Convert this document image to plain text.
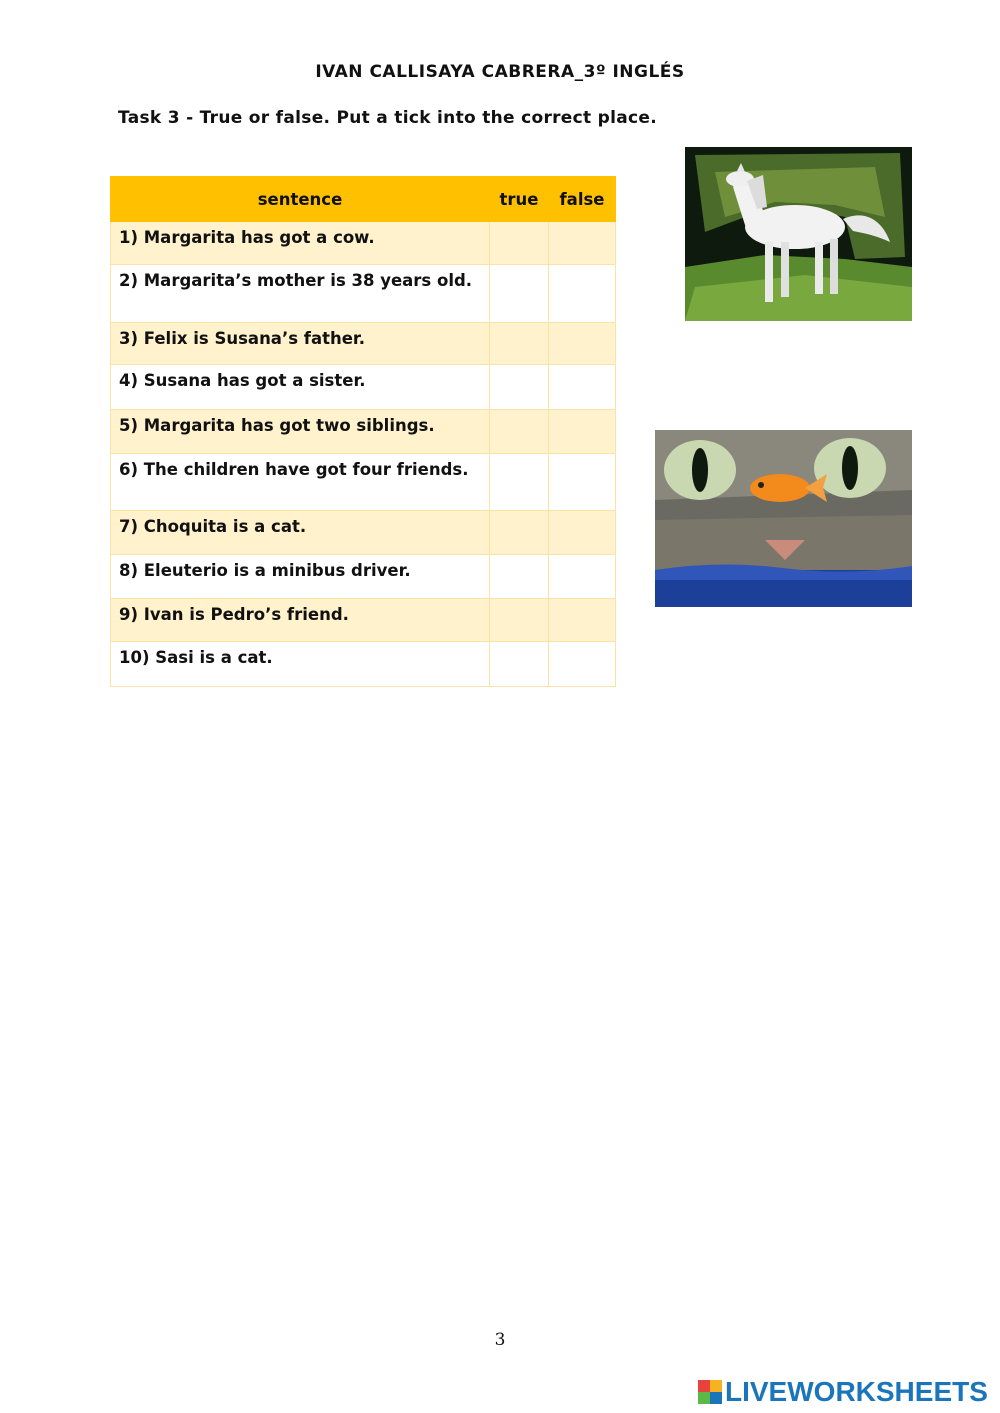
IVAN CALLISAYA CABRERA_3º INGLÉS
Task 3 - True or false. Put a tick into the correct place.
sentence	true	false
1) Margarita has got a cow.		
2) Margarita’s mother is 38 years old.		
3) Felix is Susana’s father.		
4) Susana has got a sister.		
5) Margarita has got two siblings.		
6) The children have got four friends.		
7) Choquita is a cat.		
8) Eleuterio is a minibus driver.		
9) Ivan is Pedro’s friend.		
10) Sasi is a cat.		
3
LIVEWORKSHEETS
